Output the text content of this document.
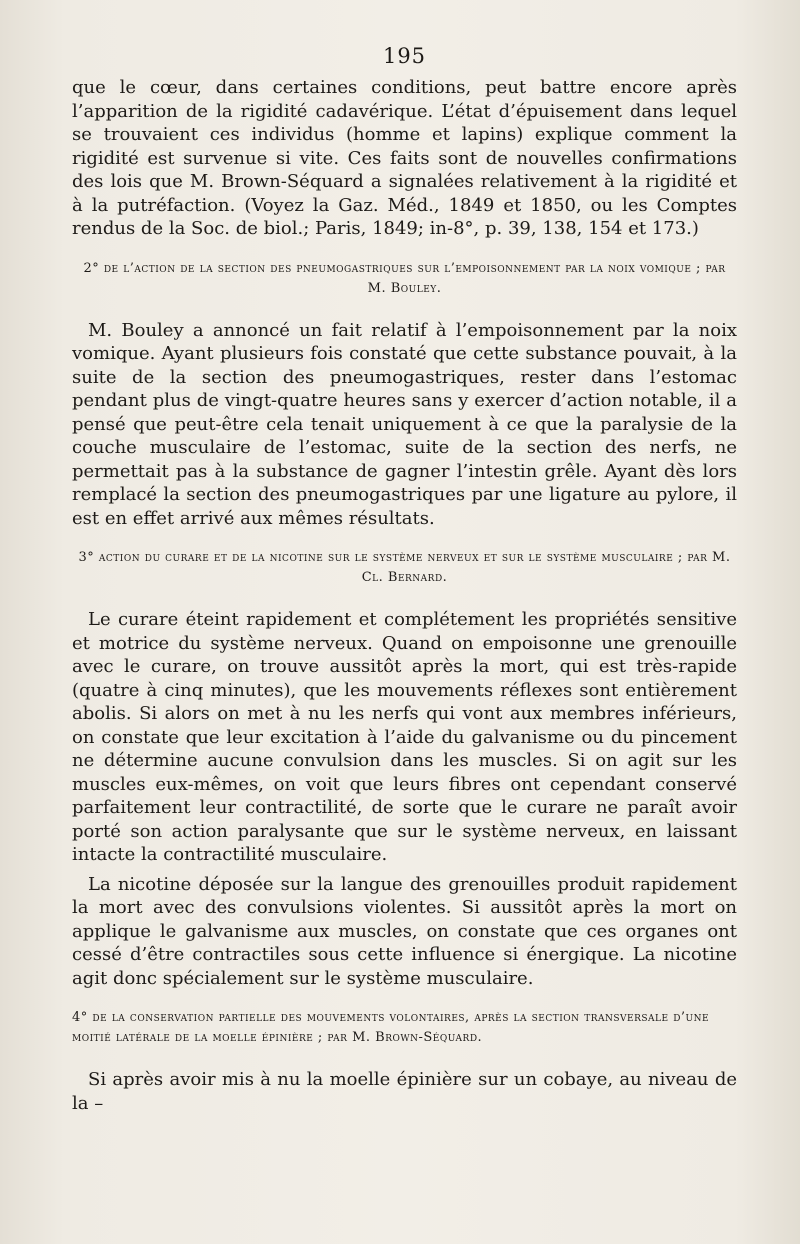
195

que le cœur, dans certaines conditions, peut battre encore après l’apparition de la rigidité cadavérique. L’état d’épuisement dans lequel se trouvaient ces individus (homme et lapins) explique comment la rigidité est survenue si vite. Ces faits sont de nouvelles confirmations des lois que M. Brown-Séquard a signalées relativement à la rigidité et à la putréfaction. (Voyez la Gaz. Méd., 1849 et 1850, ou les Comptes rendus de la Soc. de biol.; Paris, 1849; in-8°, p. 39, 138, 154 et 173.)

2° de l’action de la section des pneumogastriques sur l’empoisonnement par la noix vomique ; par M. Bouley.

M. Bouley a annoncé un fait relatif à l’empoisonnement par la noix vomique. Ayant plusieurs fois constaté que cette substance pouvait, à la suite de la section des pneumogastriques, rester dans l’estomac pendant plus de vingt-quatre heures sans y exercer d’action notable, il a pensé que peut-être cela tenait uniquement à ce que la paralysie de la couche musculaire de l’estomac, suite de la section des nerfs, ne permettait pas à la substance de gagner l’intestin grêle. Ayant dès lors remplacé la section des pneumogastriques par une ligature au pylore, il est en effet arrivé aux mêmes résultats.

3° action du curare et de la nicotine sur le système nerveux et sur le système musculaire ; par M. Cl. Bernard.

Le curare éteint rapidement et complétement les propriétés sensitive et motrice du système nerveux. Quand on empoisonne une grenouille avec le curare, on trouve aussitôt après la mort, qui est très-rapide (quatre à cinq minutes), que les mouvements réflexes sont entièrement abolis. Si alors on met à nu les nerfs qui vont aux membres inférieurs, on constate que leur excitation à l’aide du galvanisme ou du pincement ne détermine aucune convulsion dans les muscles. Si on agit sur les muscles eux-mêmes, on voit que leurs fibres ont cependant conservé parfaitement leur contractilité, de sorte que le curare ne paraît avoir porté son action paralysante que sur le système nerveux, en laissant intacte la contractilité musculaire.

La nicotine déposée sur la langue des grenouilles produit rapidement la mort avec des convulsions violentes. Si aussitôt après la mort on applique le galvanisme aux muscles, on constate que ces organes ont cessé d’être contractiles sous cette influence si énergique. La nicotine agit donc spécialement sur le système musculaire.

4° de la conservation partielle des mouvements volontaires, après la section transversale d’une moitié latérale de la moelle épinière ; par M. Brown-Séquard.

Si après avoir mis à nu la moelle épinière sur un cobaye, au niveau de la –
